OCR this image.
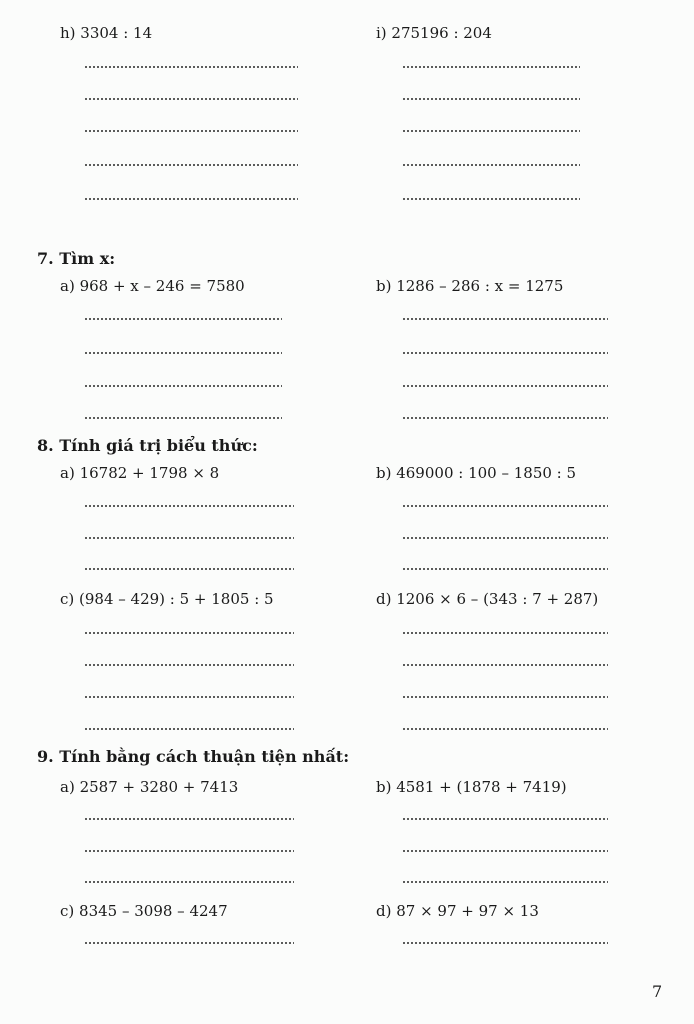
h) 3304 : 14	i) 275196 : 204
7. Tìm x:
a) 968 + x – 246 = 7580	b) 1286 – 286 : x = 1275
8. Tính giá trị biểu thức:
a) 16782 + 1798 × 8	b) 469000 : 100 – 1850 : 5
c) (984 – 429) : 5 + 1805 : 5	d) 1206 × 6 – (343 : 7 + 287)
9. Tính bằng cách thuận tiện nhất:
a) 2587 + 3280 + 7413	b) 4581 + (1878 + 7419)
c) 8345 – 3098 – 4247	d) 87 × 97 + 97 × 13
7
